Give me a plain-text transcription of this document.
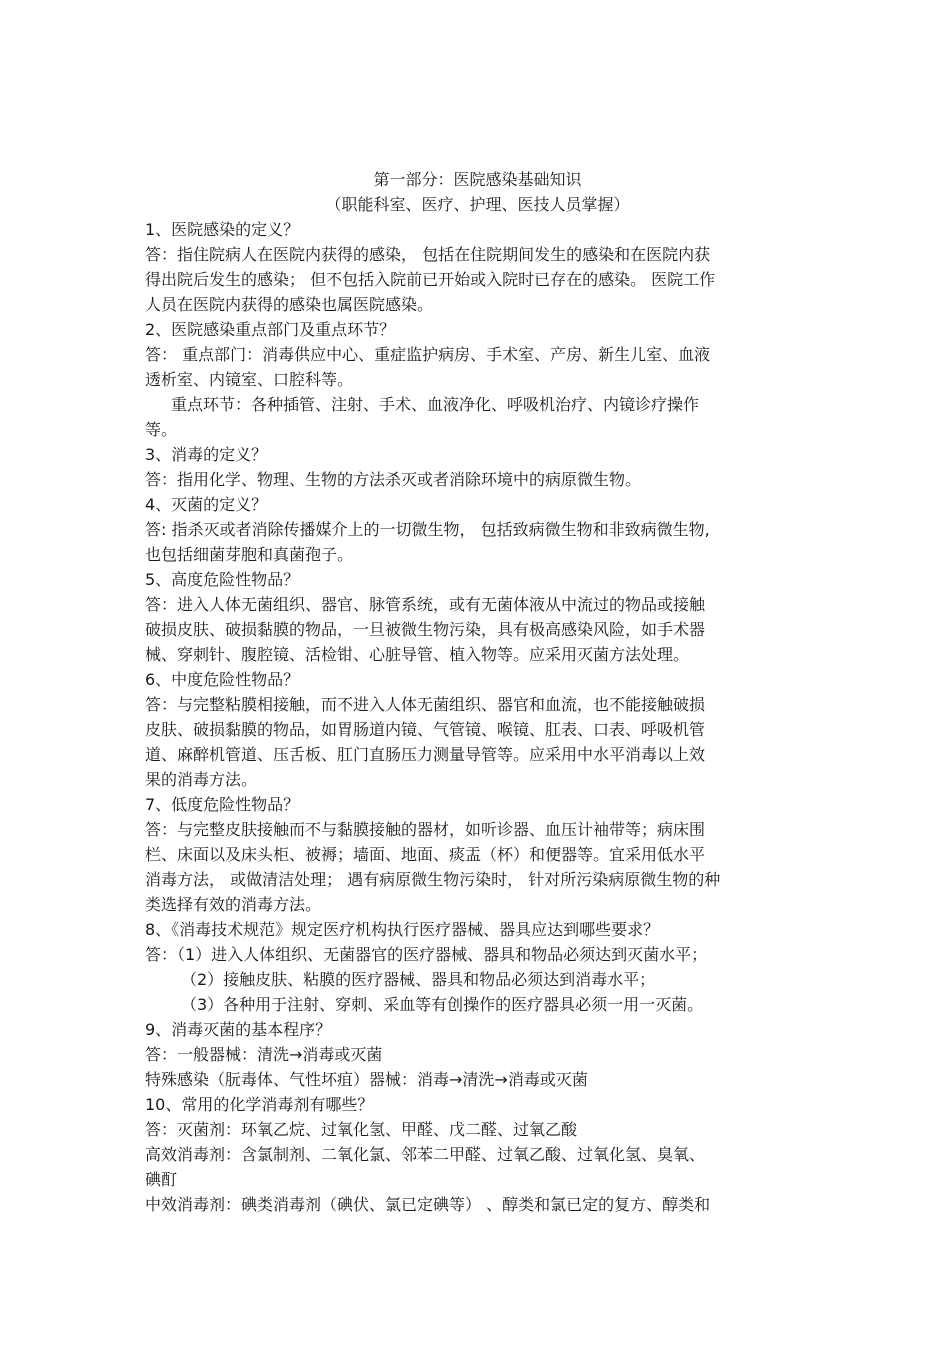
第一部分：医院感染基础知识
（职能科室、医疗、护理、医技人员掌握）
1、医院感染的定义？
答：指住院病人在医院内获得的感染， 包括在住院期间发生的感染和在医院内获
得出院后发生的感染； 但不包括入院前已开始或入院时已存在的感染。 医院工作
人员在医院内获得的感染也属医院感染。
2、医院感染重点部门及重点环节？
答： 重点部门：消毒供应中心、重症监护病房、手术室、产房、新生儿室、血液
透析室、内镜室、口腔科等。
重点环节：各种插管、注射、手术、血液净化、呼吸机治疗、内镜诊疗操作
等。
3、消毒的定义？
答：指用化学、物理、生物的方法杀灭或者消除环境中的病原微生物。
4、灭菌的定义？
答: 指杀灭或者消除传播媒介上的一切微生物， 包括致病微生物和非致病微生物,
也包括细菌芽胞和真菌孢子。
5、高度危险性物品？
答：进入人体无菌组织、器官、脉管系统，或有无菌体液从中流过的物品或接触
破损皮肤、破损黏膜的物品，一旦被微生物污染，具有极高感染风险，如手术器
械、穿刺针、腹腔镜、活检钳、心脏导管、植入物等。应采用灭菌方法处理。
6、中度危险性物品？
答：与完整粘膜相接触，而不进入人体无菌组织、器官和血流，也不能接触破损
皮肤、破损黏膜的物品，如胃肠道内镜、气管镜、喉镜、肛表、口表、呼吸机管
道、麻醉机管道、压舌板、肛门直肠压力测量导管等。应采用中水平消毒以上效
果的消毒方法。
7、低度危险性物品？
答：与完整皮肤接触而不与黏膜接触的器材，如听诊器、血压计袖带等；病床围
栏、床面以及床头柜、被褥；墙面、地面、痰盂（杯）和便器等。宜采用低水平
消毒方法， 或做清洁处理； 遇有病原微生物污染时， 针对所污染病原微生物的种
类选择有效的消毒方法。
8、《消毒技术规范》规定医疗机构执行医疗器械、器具应达到哪些要求？
答：（1）进入人体组织、无菌器官的医疗器械、器具和物品必须达到灭菌水平；
（2）接触皮肤、粘膜的医疗器械、器具和物品必须达到消毒水平；
（3）各种用于注射、穿刺、采血等有创操作的医疗器具必须一用一灭菌。
9、消毒灭菌的基本程序？
答：一般器械：清洗→消毒或灭菌
特殊感染（朊毒体、气性坏疽）器械：消毒→清洗→消毒或灭菌
10、常用的化学消毒剂有哪些？
答：灭菌剂：环氧乙烷、过氧化氢、甲醛、戊二醛、过氧乙酸
高效消毒剂：含氯制剂、二氧化氯、邻苯二甲醛、过氧乙酸、过氧化氢、臭氧、
碘酊
中效消毒剂：碘类消毒剂（碘伏、氯已定碘等） 、醇类和氯已定的复方、醇类和
